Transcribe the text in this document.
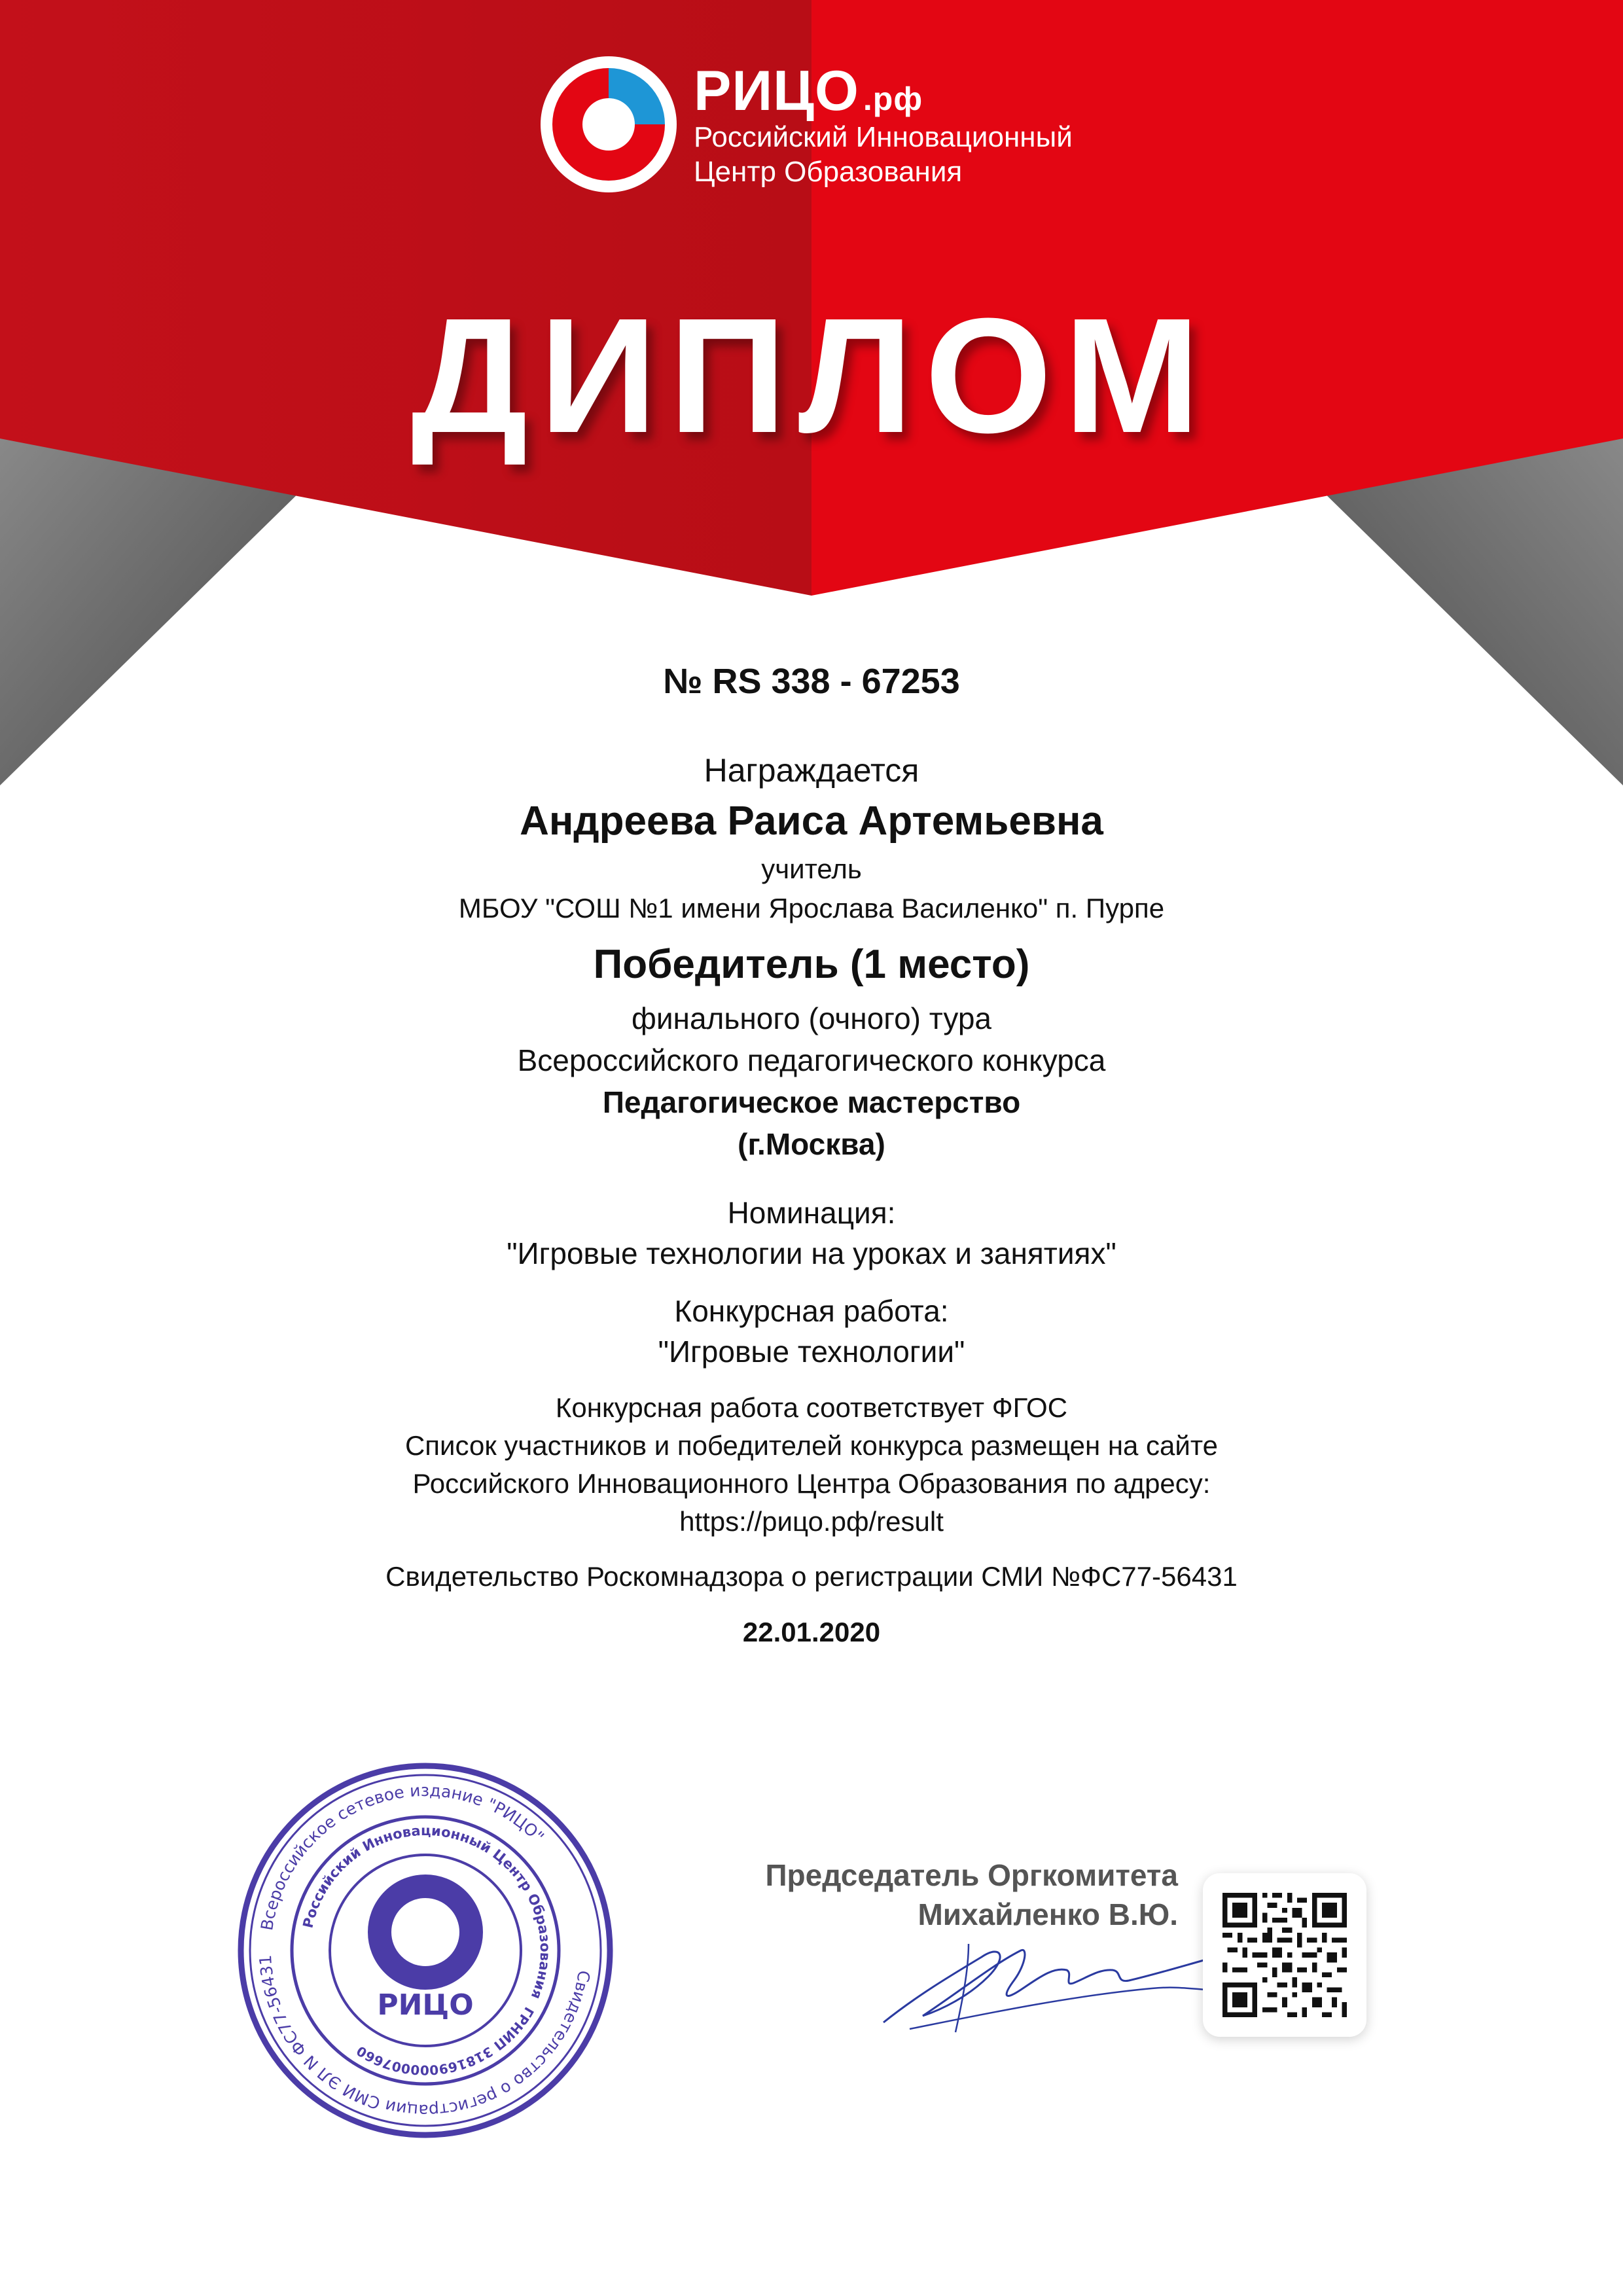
РИЦО .рф
Российский Инновационный
Центр Образования
ДИПЛОМ
№ RS 338 - 67253
Награждается
Андреева Раиса Артемьевна
учитель
МБОУ "СОШ №1 имени Ярослава Василенко" п. Пурпе
Победитель (1 место)
финального (очного) тура
Всероссийского педагогического конкурса
Педагогическое мастерство
(г.Москва)
Номинация:
"Игровые технологии на уроках и занятиях"
Конкурсная работа:
"Игровые технологии"
Конкурсная работа соответствует ФГОС
Список участников и победителей конкурса размещен на сайте
Российского Инновационного Центра Образования по адресу:
https://рицо.рф/result
Свидетельство Роскомнадзора о регистрации СМИ №ФС77-56431
22.01.2020
Всероссийское сетевое издание "РИЦО"
Свидетельство о регистрации СМИ ЭЛ N ФС77-56431
Российский Инновационный Центр Образования
ГРНИП 318169000007660
РИЦО
Председатель Оргкомитета
Михайленко В.Ю.
